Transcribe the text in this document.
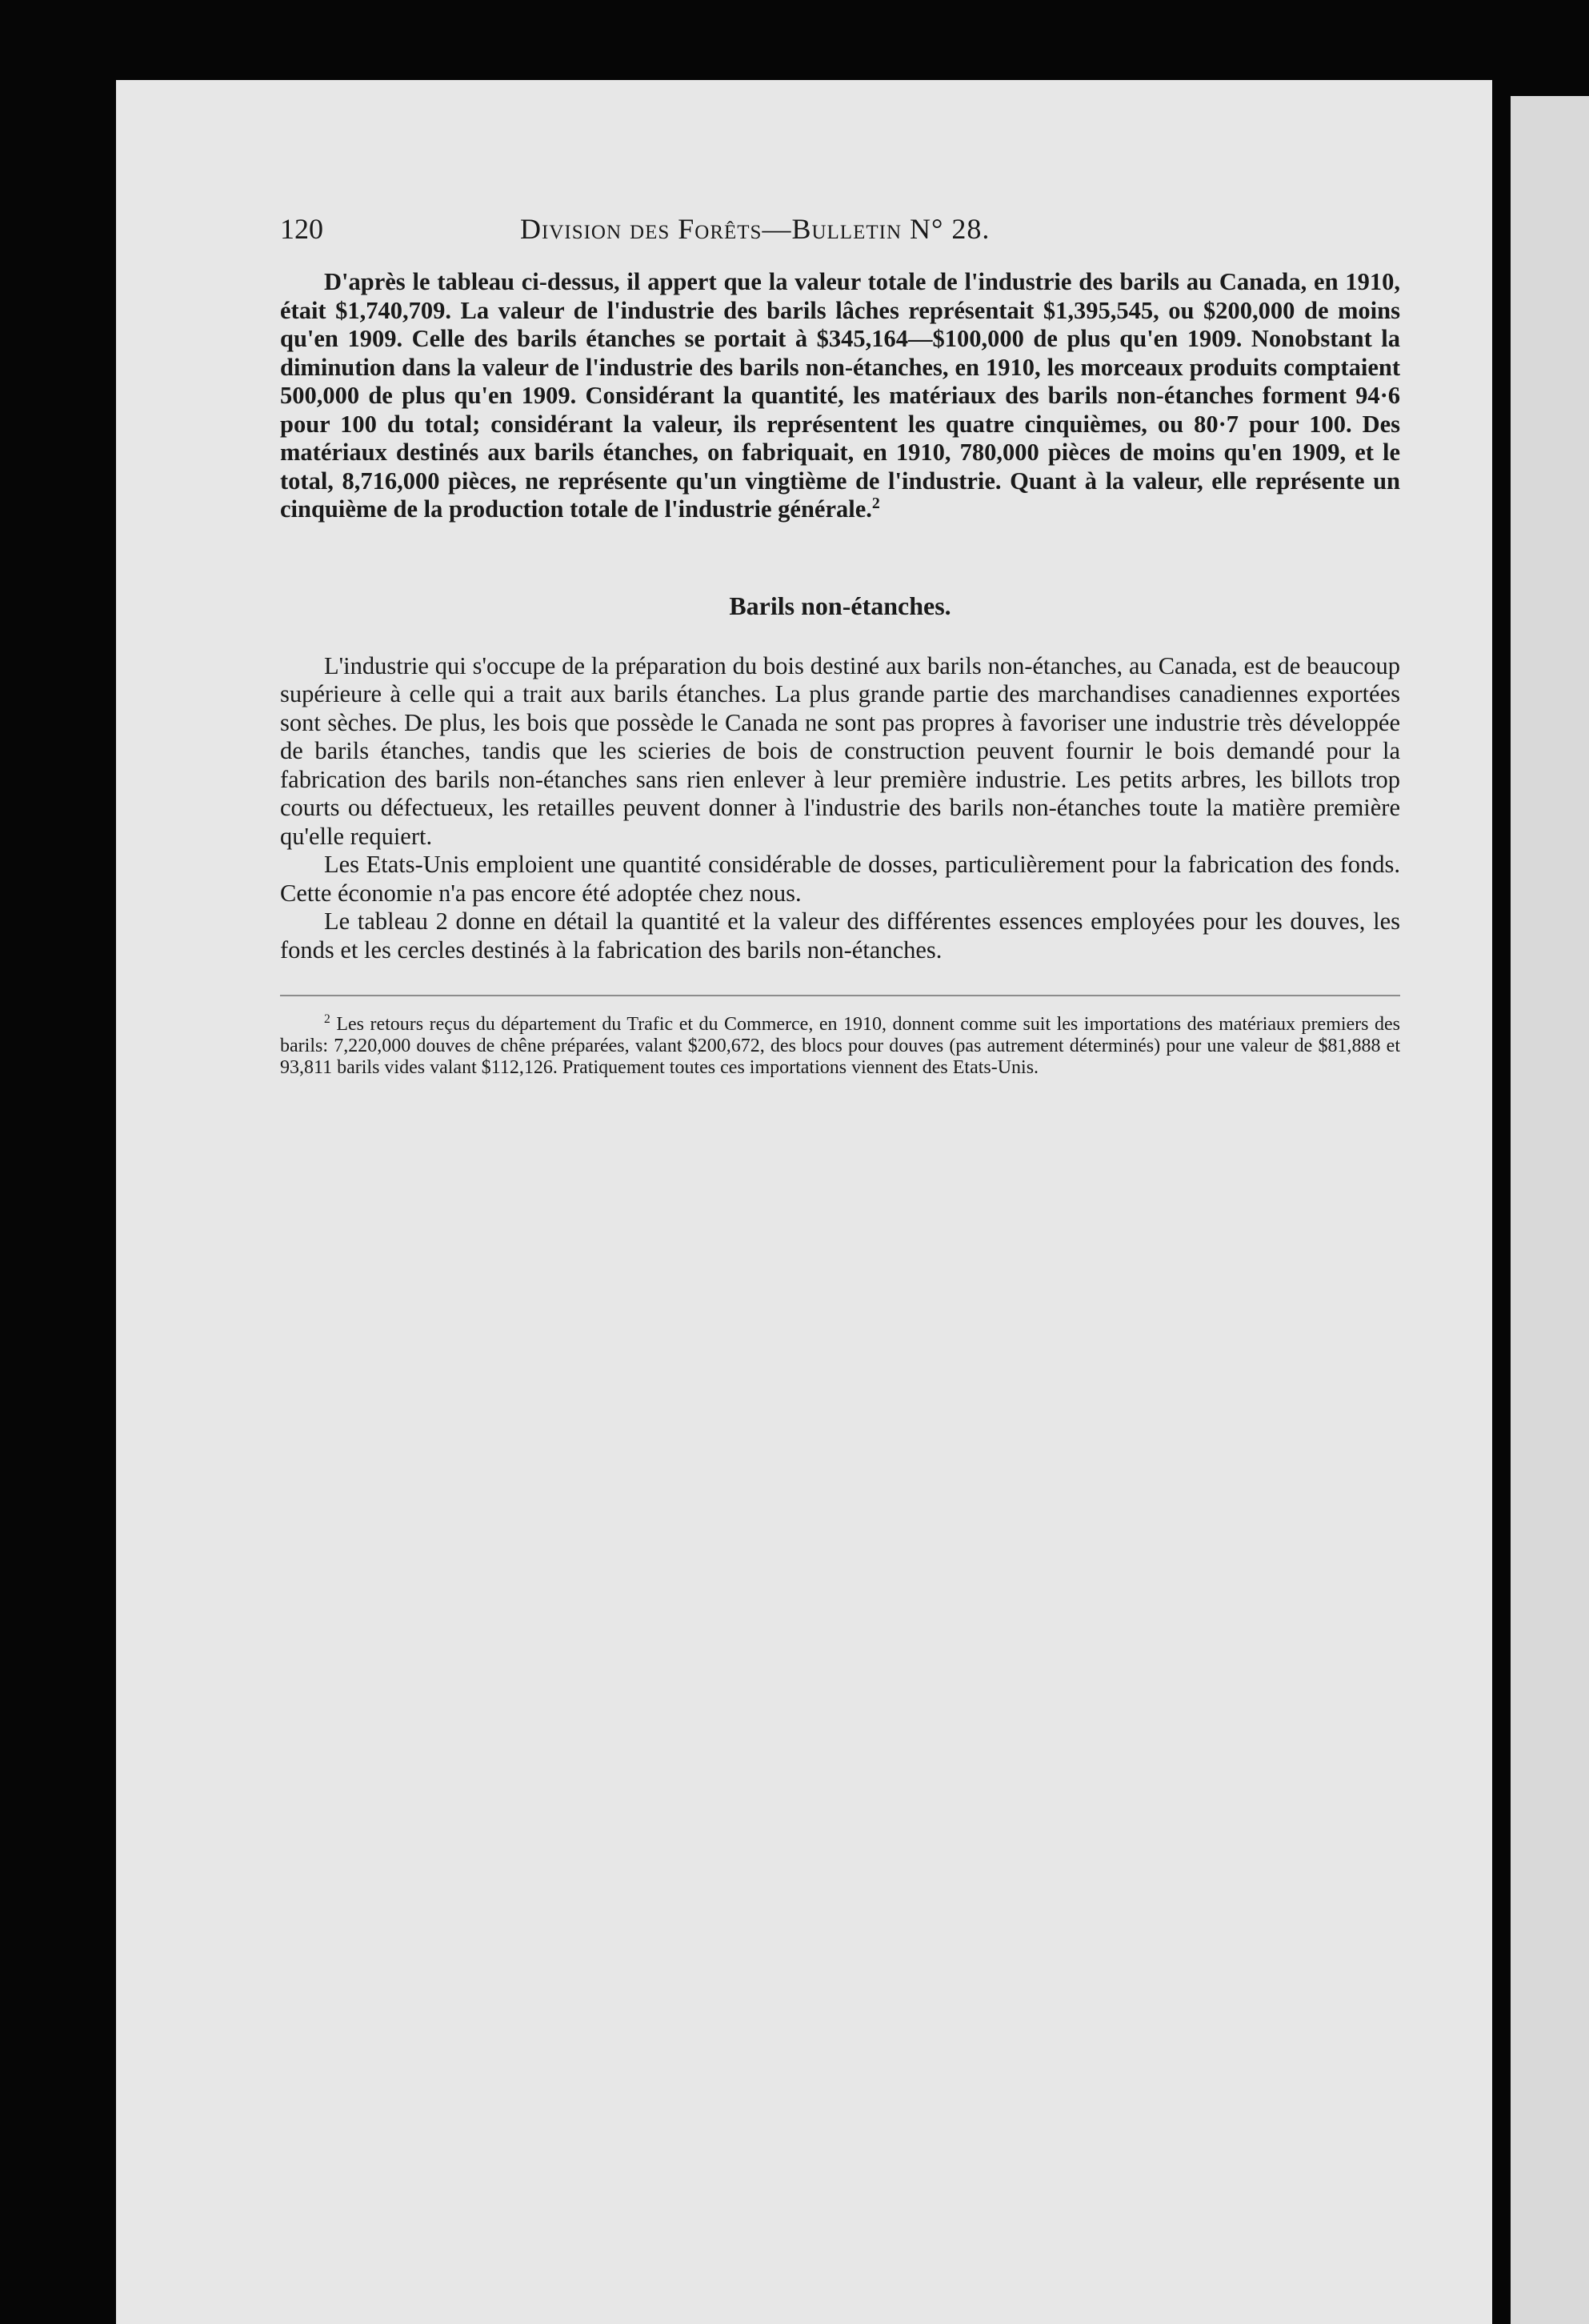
120	Division des Forêts—Bulletin N° 28.

D'après le tableau ci-dessus, il appert que la valeur totale de l'industrie des barils au Canada, en 1910, était $1,740,709. La valeur de l'industrie des barils lâches représentait $1,395,545, ou $200,000 de moins qu'en 1909. Celle des barils étanches se portait à $345,164—$100,000 de plus qu'en 1909. Nonobstant la diminution dans la valeur de l'industrie des barils non-étanches, en 1910, les morceaux produits comptaient 500,000 de plus qu'en 1909. Considérant la quantité, les matériaux des barils non-étanches forment 94·6 pour 100 du total; considérant la valeur, ils représentent les quatre cinquièmes, ou 80·7 pour 100. Des matériaux destinés aux barils étanches, on fabriquait, en 1910, 780,000 pièces de moins qu'en 1909, et le total, 8,716,000 pièces, ne représente qu'un vingtième de l'industrie. Quant à la valeur, elle représente un cinquième de la production totale de l'industrie générale.$^2$

Barils non-étanches.

L'industrie qui s'occupe de la préparation du bois destiné aux barils non-étanches, au Canada, est de beaucoup supérieure à celle qui a trait aux barils étanches. La plus grande partie des marchandises canadiennes exportées sont sèches. De plus, les bois que possède le Canada ne sont pas propres à favoriser une industrie très développée de barils étanches, tandis que les scieries de bois de construction peuvent fournir le bois demandé pour la fabrication des barils non-étanches sans rien enlever à leur première industrie. Les petits arbres, les billots trop courts ou défectueux, les retailles peuvent donner à l'industrie des barils non-étanches toute la matière première qu'elle requiert.

Les Etats-Unis emploient une quantité considérable de dosses, particulièrement pour la fabrication des fonds. Cette économie n'a pas encore été adoptée chez nous.

Le tableau 2 donne en détail la quantité et la valeur des différentes essences employées pour les douves, les fonds et les cercles destinés à la fabrication des barils non-étanches.

$^2$ Les retours reçus du département du Trafic et du Commerce, en 1910, donnent comme suit les importations des matériaux premiers des barils: 7,220,000 douves de chêne préparées, valant $200,672, des blocs pour douves (pas autrement déterminés) pour une valeur de $81,888 et 93,811 barils vides valant $112,126. Pratiquement toutes ces importations viennent des Etats-Unis.
